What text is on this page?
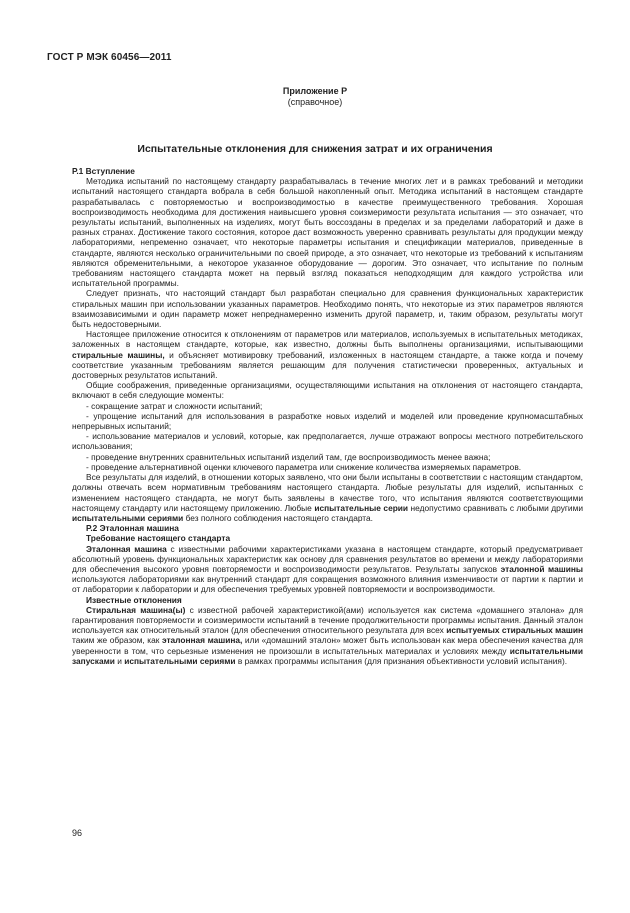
ГОСТ Р МЭК 60456—2011
Приложение Р
(справочное)
Испытательные отклонения для снижения затрат и их ограничения

Р.1 Вступление

Методика испытаний по настоящему стандарту разрабатывалась в течение многих лет и в рамках требований и методики испытаний настоящего стандарта вобрала в себя большой накопленный опыт. Методика испытаний в настоящем стандарте разрабатывалась с повторяемостью и воспроизводимостью в качестве преимущественного требования. Хорошая воспроизводимость необходима для достижения наивысшего уровня соизмеримости результата испытания — это означает, что результаты испытаний, выполненных на изделиях, могут быть воссозданы в пределах и за пределами лабораторий и даже в разных странах. Достижение такого состояния, которое даст возможность уверенно сравнивать результаты для продукции между лабораториями, непременно означает, что некоторые параметры испытания и спецификации материалов, приведенные в стандарте, являются несколько ограничительными по своей природе, а это означает, что некоторые из требований к испытаниям являются обременительными, а некоторое указанное оборудование — дорогим. Это означает, что испытание по полным требованиям настоящего стандарта может на первый взгляд показаться неподходящим для каждого устройства или испытательной программы.

Следует признать, что настоящий стандарт был разработан специально для сравнения функциональных характеристик стиральных машин при использовании указанных параметров. Необходимо понять, что некоторые из этих параметров являются взаимозависимыми и один параметр может непреднамеренно изменить другой параметр, и, таким образом, результаты могут быть недостоверными.

Настоящее приложение относится к отклонениям от параметров или материалов, используемых в испытательных методиках, заложенных в настоящем стандарте, которые, как известно, должны быть выполнены организациями, испытывающими стиральные машины, и объясняет мотивировку требований, изложенных в настоящем стандарте, а также когда и почему соответствие указанным требованиям является решающим для получения статистически проверенных, актуальных и достоверных результатов испытаний.

Общие соображения, приведенные организациями, осуществляющими испытания на отклонения от настоящего стандарта, включают в себя следующие моменты:

- сокращение затрат и сложности испытаний;

- упрощение испытаний для использования в разработке новых изделий и моделей или проведение крупномасштабных непрерывных испытаний;

- использование материалов и условий, которые, как предполагается, лучше отражают вопросы местного потребительского использования;

- проведение внутренних сравнительных испытаний изделий там, где воспроизводимость менее важна;

- проведение альтернативной оценки ключевого параметра или снижение количества измеряемых параметров.

Все результаты для изделий, в отношении которых заявлено, что они были испытаны в соответствии с настоящим стандартом, должны отвечать всем нормативным требованиям настоящего стандарта. Любые результаты для изделий, испытанных с изменением настоящего стандарта, не могут быть заявлены в качестве того, что испытания являются соответствующими настоящему стандарту или настоящему приложению. Любые испытательные серии недопустимо сравнивать с любыми другими испытательными сериями без полного соблюдения настоящего стандарта.

Р.2 Эталонная машина

Требование настоящего стандарта

Эталонная машина с известными рабочими характеристиками указана в настоящем стандарте, который предусматривает абсолютный уровень функциональных характеристик как основу для сравнения результатов во времени и между лабораториями для обеспечения высокого уровня повторяемости и воспроизводимости результатов. Результаты запусков эталонной машины используются лабораториями как внутренний стандарт для сокращения возможного влияния изменчивости от партии к партии и от лаборатории к лаборатории и для обеспечения требуемых уровней повторяемости и воспроизводимости.

Известные отклонения

Стиральная машина(ы) с известной рабочей характеристикой(ами) используется как система «домашнего эталона» для гарантирования повторяемости и соизмеримости испытаний в течение продолжительности программы испытания. Данный эталон используется как относительный эталон (для обеспечения относительного результата для всех испытуемых стиральных машин таким же образом, как эталонная машина, или «домашний эталон» может быть использован как мера обеспечения качества для уверенности в том, что серьезные изменения не произошли в испытательных материалах и условиях между испытательными запусками и испытательными сериями в рамках программы испытания (для признания объективности условий испытания).

96
